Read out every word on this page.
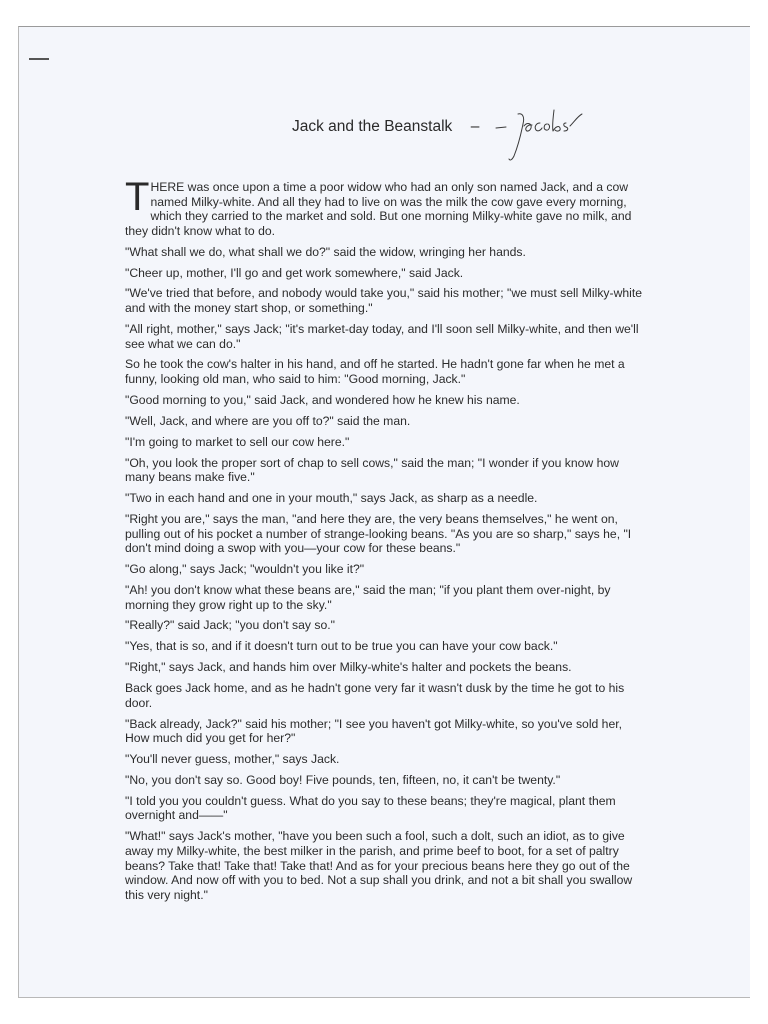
Jack and the Beanstalk –

THERE was once upon a time a poor widow who had an only son named Jack, and a cow named Milky-white. And all they had to live on was the milk the cow gave every morning, which they carried to the market and sold. But one morning Milky-white gave no milk, and they didn't know what to do.

"What shall we do, what shall we do?" said the widow, wringing her hands.

"Cheer up, mother, I'll go and get work somewhere," said Jack.

"We've tried that before, and nobody would take you," said his mother; "we must sell Milky-white and with the money start shop, or something."

"All right, mother," says Jack; "it's market-day today, and I'll soon sell Milky-white, and then we'll see what we can do."

So he took the cow's halter in his hand, and off he started. He hadn't gone far when he met a funny, looking old man, who said to him: "Good morning, Jack."

"Good morning to you," said Jack, and wondered how he knew his name.

"Well, Jack, and where are you off to?" said the man.

"I'm going to market to sell our cow here."

"Oh, you look the proper sort of chap to sell cows," said the man; "I wonder if you know how many beans make five."

"Two in each hand and one in your mouth," says Jack, as sharp as a needle.

"Right you are," says the man, "and here they are, the very beans themselves," he went on, pulling out of his pocket a number of strange-looking beans. "As you are so sharp," says he, "I don't mind doing a swop with you—your cow for these beans."

"Go along," says Jack; "wouldn't you like it?"

"Ah! you don't know what these beans are," said the man; "if you plant them over-night, by morning they grow right up to the sky."

"Really?" said Jack; "you don't say so."

"Yes, that is so, and if it doesn't turn out to be true you can have your cow back."

"Right," says Jack, and hands him over Milky-white's halter and pockets the beans.

Back goes Jack home, and as he hadn't gone very far it wasn't dusk by the time he got to his door.

"Back already, Jack?" said his mother; "I see you haven't got Milky-white, so you've sold her, How much did you get for her?"

"You'll never guess, mother," says Jack.

"No, you don't say so. Good boy! Five pounds, ten, fifteen, no, it can't be twenty."

"I told you you couldn't guess. What do you say to these beans; they're magical, plant them overnight and——"

"What!" says Jack's mother, "have you been such a fool, such a dolt, such an idiot, as to give away my Milky-white, the best milker in the parish, and prime beef to boot, for a set of paltry beans? Take that! Take that! Take that! And as for your precious beans here they go out of the window. And now off with you to bed. Not a sup shall you drink, and not a bit shall you swallow this very night."
